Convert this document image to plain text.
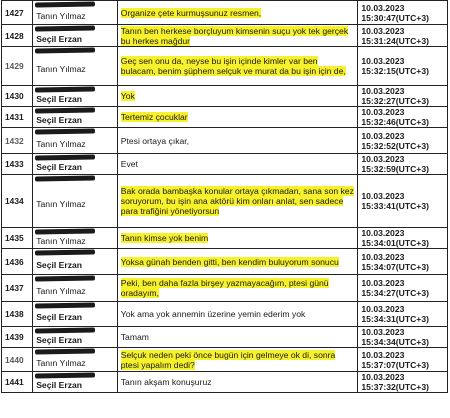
1427	Tanın Yılmaz	Organize çete kurmuşsunuz resmen,	10.03.2023
15:30:47(UTC+3)

1428	Seçil Erzan	Tanın ben herkese borçluyum kimsenin suçu yok tek gerçek bu herkes mağdur	10.03.2023
15:31:24(UTC+3)

1429	Tanın Yılmaz	Geç sen onu da, neyse bu işin içinde kimler var ben bulacam, benim şüphem selçuk ve murat da bu işin için de,	10.03.2023
15:32:15(UTC+3)

1430	Seçil Erzan	Yok	10.03.2023
15:32:27(UTC+3)

1431	Seçil Erzan	Tertemiz çocuklar	10.03.2023
15:32:46(UTC+3)

1432	Tanın Yılmaz	Ptesi ortaya çıkar,	10.03.2023
15:32:52(UTC+3)

1433	Seçil Erzan	Evet	10.03.2023
15:32:59(UTC+3)

1434	Tanın Yılmaz	Bak orada bambaşka konular ortaya çıkmadan, sana son kez soruyorum, bu işin ana aktörü kim onları anlat, sen sadece para trafiğini yönetiyorsun	10.03.2023
15:33:41(UTC+3)

1435	Tanın Yılmaz	Tanın kimse yok benim	10.03.2023
15:34:01(UTC+3)

1436	Seçil Erzan	Yoksa günah benden gitti, ben kendim buluyorum sonucu	10.03.2023
15:34:07(UTC+3)

1437	Tanın Yılmaz	Peki, ben daha fazla birşey yazmayacağım, ptesi günü oradayım,	10.03.2023
15:34:27(UTC+3)

1438	Seçil Erzan	Yok ama yok annemin üzerine yemin ederim yok	10.03.2023
15:34:31(UTC+3)

1439	Seçil Erzan	Tamam	10.03.2023
15:34:34(UTC+3)

1440	Tanın Yılmaz	Selçuk neden peki önce bugün için gelmeye ok di, sonra ptesi yapalım dedi?	10.03.2023
15:37:07(UTC+3)

1441	Seçil Erzan	Tanın akşam konuşuruz	10.03.2023
15:37:32(UTC+3)
